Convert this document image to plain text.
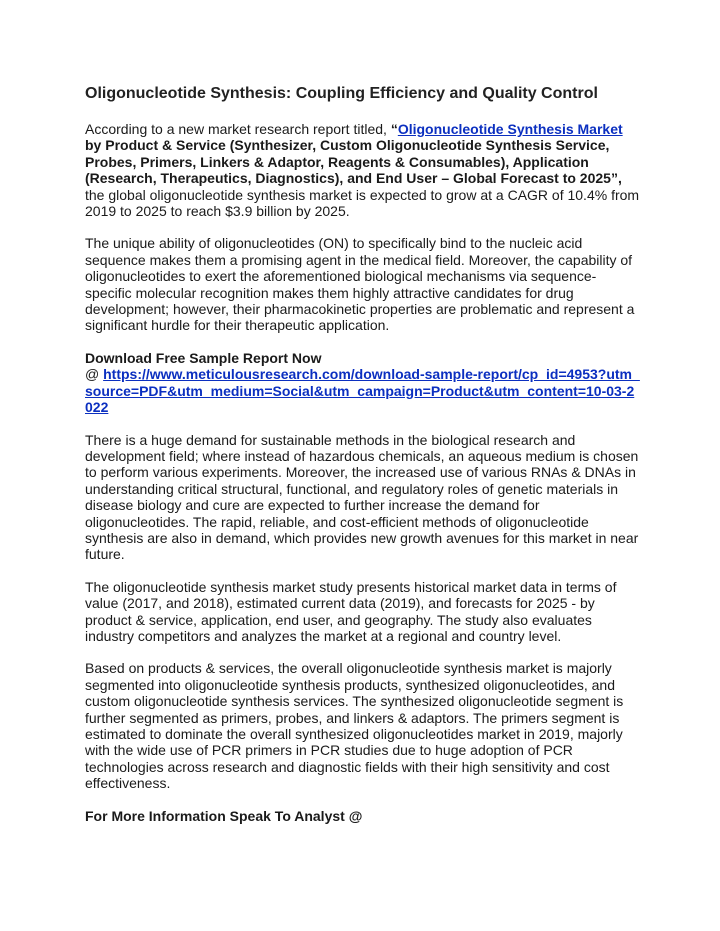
Oligonucleotide Synthesis: Coupling Efficiency and Quality Control

According to a new market research report titled, “Oligonucleotide Synthesis Market by Product & Service (Synthesizer, Custom Oligonucleotide Synthesis Service, Probes, Primers, Linkers & Adaptor, Reagents & Consumables), Application (Research, Therapeutics, Diagnostics), and End User – Global Forecast to 2025”, the global oligonucleotide synthesis market is expected to grow at a CAGR of 10.4% from 2019 to 2025 to reach $3.9 billion by 2025.

The unique ability of oligonucleotides (ON) to specifically bind to the nucleic acid sequence makes them a promising agent in the medical field. Moreover, the capability of oligonucleotides to exert the aforementioned biological mechanisms via sequence-specific molecular recognition makes them highly attractive candidates for drug development; however, their pharmacokinetic properties are problematic and represent a significant hurdle for their therapeutic application.

Download Free Sample Report Now
@ https://www.meticulousresearch.com/download-sample-report/cp_id=4953?utm_source=PDF&utm_medium=Social&utm_campaign=Product&utm_content=10-03-2022

There is a huge demand for sustainable methods in the biological research and development field; where instead of hazardous chemicals, an aqueous medium is chosen to perform various experiments. Moreover, the increased use of various RNAs & DNAs in understanding critical structural, functional, and regulatory roles of genetic materials in disease biology and cure are expected to further increase the demand for oligonucleotides. The rapid, reliable, and cost-efficient methods of oligonucleotide synthesis are also in demand, which provides new growth avenues for this market in near future.

The oligonucleotide synthesis market study presents historical market data in terms of value (2017, and 2018), estimated current data (2019), and forecasts for 2025 - by product & service, application, end user, and geography. The study also evaluates industry competitors and analyzes the market at a regional and country level.

Based on products & services, the overall oligonucleotide synthesis market is majorly segmented into oligonucleotide synthesis products, synthesized oligonucleotides, and custom oligonucleotide synthesis services. The synthesized oligonucleotide segment is further segmented as primers, probes, and linkers & adaptors. The primers segment is estimated to dominate the overall synthesized oligonucleotides market in 2019, majorly with the wide use of PCR primers in PCR studies due to huge adoption of PCR technologies across research and diagnostic fields with their high sensitivity and cost effectiveness.

For More Information Speak To Analyst @
